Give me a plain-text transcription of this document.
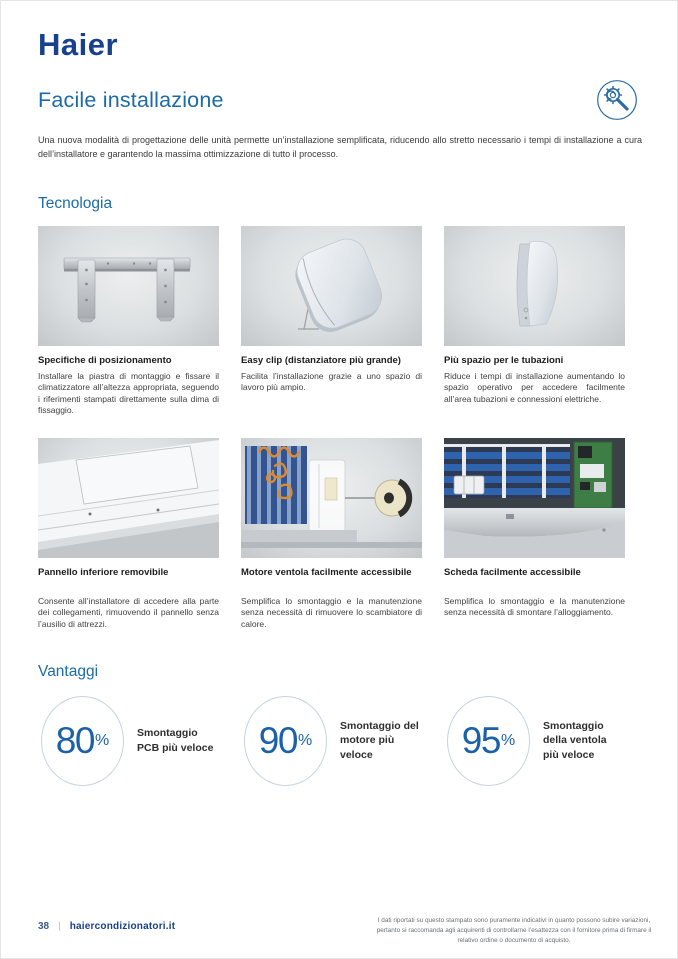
Haier
Facile installazione

Una nuova modalità di progettazione delle unità permette un’installazione semplificata, riducendo allo stretto necessario i tempi di installazione a cura dell’installatore e garantendo la massima ottimizzazione di tutto il processo.

Tecnologia
Specifiche di posizionamento

Installare la piastra di montaggio e fissare il climatizzatore all’altezza appropriata, seguendo i riferimenti stampati direttamente sulla dima di fissaggio.

Easy clip (distanziatore più grande)

Facilita l’installazione grazie a uno spazio di lavoro più ampio.

Più spazio per le tubazioni

Riduce i tempi di installazione aumentando lo spazio operativo per accedere facilmente all’area tubazioni e connessioni elettriche.

Pannello inferiore removibile

Consente all’installatore di accedere alla parte dei collegamenti, rimuovendo il pannello senza l’ausilio di attrezzi.

Motore ventola facilmente accessibile

Semplifica lo smontaggio e la manutenzione senza necessità di rimuovere lo scambiatore di calore.

Scheda facilmente accessibile

Semplifica lo smontaggio e la manutenzione senza necessità di smontare l’alloggiamento.

Vantaggi
80 %	Smontaggio PCB più veloce 90 %
Smontaggio del motore più veloce	95 %
Smontaggio della ventola più veloce
38 | haiercondizionatori.it
I dati riportati su questo stampato sono puramente indicativi in quanto possono subire variazioni, pertanto si raccomanda agli acquirenti di controllarne l’esattezza con il fornitore prima di firmare il relativo ordine o documento di acquisto.
